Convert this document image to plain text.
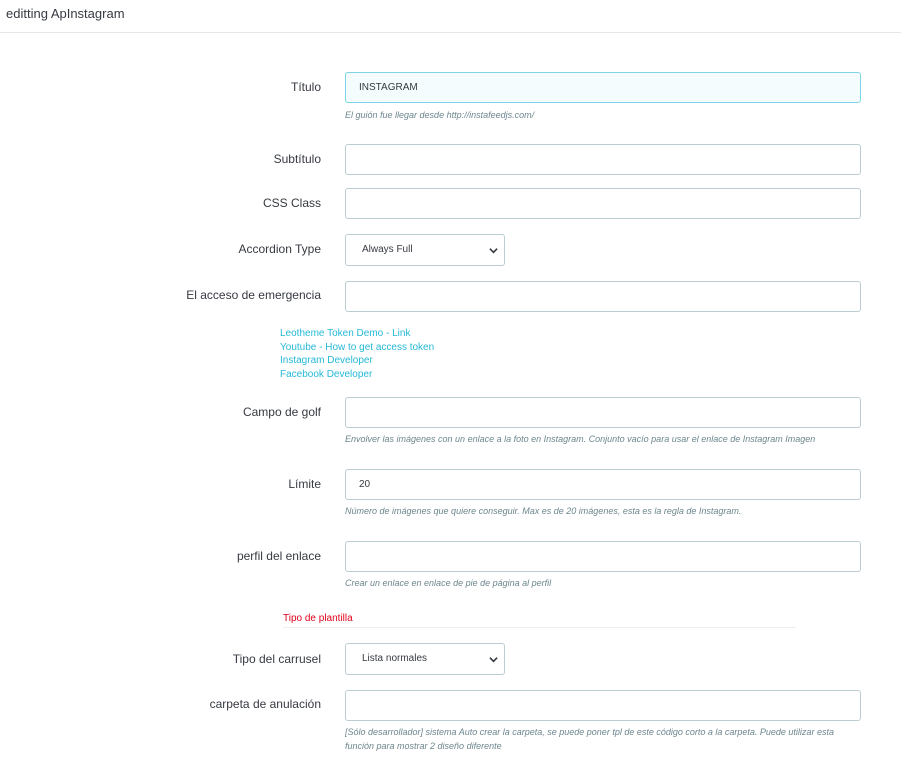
editting ApInstagram
Título	INSTAGRAM
El guión fue llegar desde http://instafeedjs.com/
Subtítulo
CSS Class
Accordion Type	Always Full
El acceso de emergencia
Leotheme Token Demo - Link
Youtube - How to get access token
Instagram Developer
Facebook Developer
Campo de golf
Envolver las imágenes con un enlace a la foto en Instagram. Conjunto vacío para usar el enlace de Instagram Imagen
Límite	20
Número de imágenes que quiere conseguir. Max es de 20 imágenes, esta es la regla de Instagram.
perfil del enlace
Crear un enlace en enlace de pie de página al perfil
Tipo de plantilla
Tipo del carrusel	Lista normales
carpeta de anulación
[Sólo desarrollador] sistema Auto crear la carpeta, se puede poner tpl de este código corto a la carpeta. Puede utilizar esta función para mostrar 2 diseño diferente
